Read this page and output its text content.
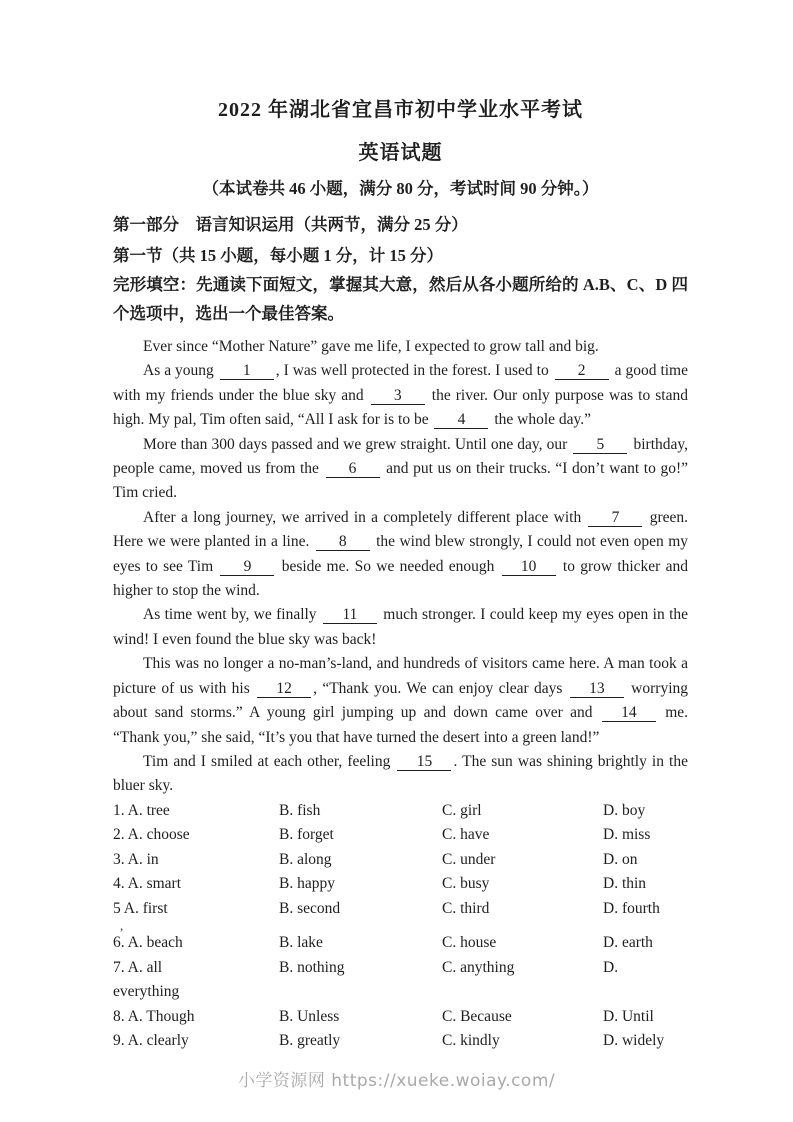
2022 年湖北省宜昌市初中学业水平考试
英语试题
（本试卷共 46 小题，满分 80 分，考试时间 90 分钟。）
第一部分　语言知识运用（共两节，满分 25 分）
第一节（共 15 小题，每小题 1 分，计 15 分）
完形填空：先通读下面短文，掌握其大意，然后从各小题所给的 A.B、C、D 四个选项中，选出一个最佳答案。

Ever since “Mother Nature” gave me life, I expected to grow tall and big.

As a young 1 , I was well protected in the forest. I used to 2 a good time with my friends under the blue sky and 3 the river. Our only purpose was to stand high. My pal, Tim often said, “All I ask for is to be 4 the whole day.”

More than 300 days passed and we grew straight. Until one day, our 5 birthday, people came, moved us from the 6 and put us on their trucks. “I don’t want to go!” Tim cried.

After a long journey, we arrived in a completely different place with 7 green. Here we were planted in a line. 8 the wind blew strongly, I could not even open my eyes to see Tim 9 beside me. So we needed enough 10 to grow thicker and higher to stop the wind.

As time went by, we finally 11 much stronger. I could keep my eyes open in the wind! I even found the blue sky was back!

This was no longer a no-man’s-land, and hundreds of visitors came here. A man took a picture of us with his 12 , “Thank you. We can enjoy clear days 13 worrying about sand storms.” A young girl jumping up and down came over and 14 me. “Thank you,” she said, “It’s you that have turned the desert into a green land!”

Tim and I smiled at each other, feeling 15 . The sun was shining brightly in the bluer sky.

1. A. tree	B. fish	C. girl	D. boy
2. A. choose	B. forget	C. have	D. miss
3. A. in	B. along	C. under	D. on
4. A. smart	B. happy	C. busy	D. thin
5 A. first	B. second	C. third	D. fourth
,
6. A. beach	B. lake	C. house	D. earth
7. A. all	B. nothing	C. anything	D.
everything
8. A. Though	B. Unless	C. Because	D. Until
9. A. clearly	B. greatly	C. kindly	D. widely
小学资源网 https://xueke.woiay.com/
